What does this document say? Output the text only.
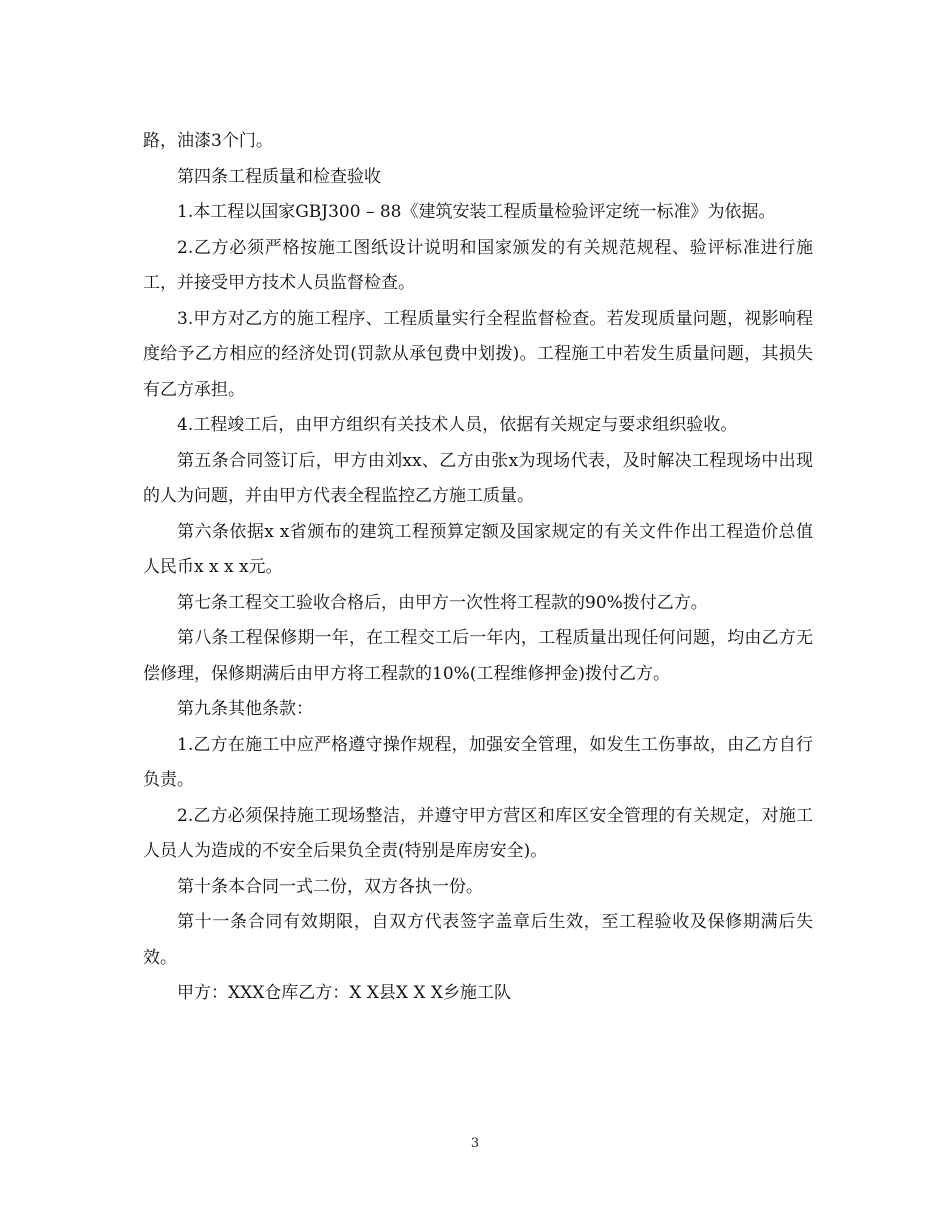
路，油漆3个门。

第四条工程质量和检查验收

1.本工程以国家GBJ300 – 88《建筑安装工程质量检验评定统一标准》为依据。

2.乙方必须严格按施工图纸设计说明和国家颁发的有关规范规程、验评标准进行施工，并接受甲方技术人员监督检查。

3.甲方对乙方的施工程序、工程质量实行全程监督检查。若发现质量问题，视影响程度给予乙方相应的经济处罚(罚款从承包费中划拨)。工程施工中若发生质量问题，其损失有乙方承担。

4.工程竣工后，由甲方组织有关技术人员，依据有关规定与要求组织验收。

第五条合同签订后，甲方由刘xx、乙方由张x为现场代表，及时解决工程现场中出现的人为问题，并由甲方代表全程监控乙方施工质量。

第六条依据x x省颁布的建筑工程预算定额及国家规定的有关文件作出工程造价总值人民币x x x x元。

第七条工程交工验收合格后，由甲方一次性将工程款的90%拨付乙方。

第八条工程保修期一年，在工程交工后一年内，工程质量出现任何问题，均由乙方无偿修理，保修期满后由甲方将工程款的10%(工程维修押金)拨付乙方。

第九条其他条款：

1.乙方在施工中应严格遵守操作规程，加强安全管理，如发生工伤事故，由乙方自行负责。

2.乙方必须保持施工现场整洁，并遵守甲方营区和库区安全管理的有关规定，对施工人员人为造成的不安全后果负全责(特别是库房安全)。

第十条本合同一式二份，双方各执一份。

第十一条合同有效期限，自双方代表签字盖章后生效，至工程验收及保修期满后失效。

甲方：XXX仓库乙方：X X县X X X乡施工队

3
